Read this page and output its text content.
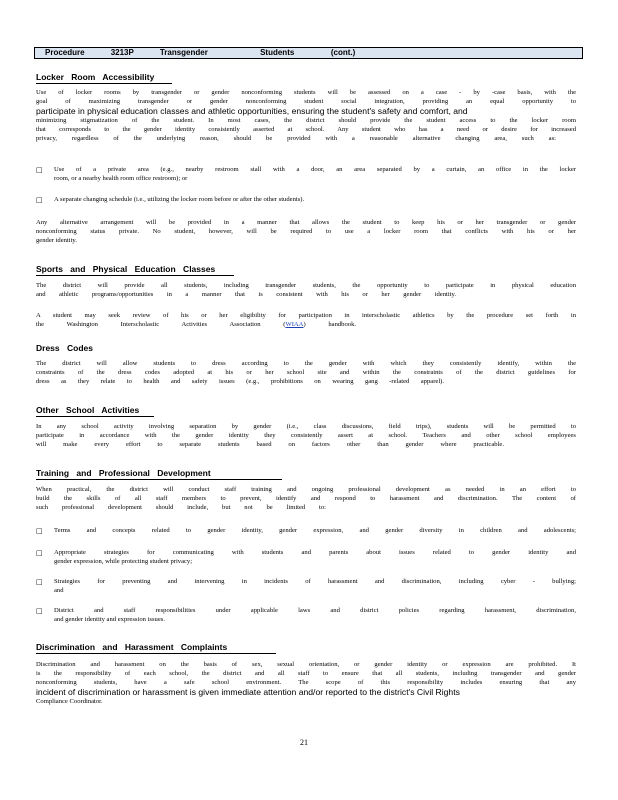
Procedure	3213P	Transgender	Students	(cont.)
Locker Room Accessibility
Use of locker rooms by transgender or gender nonconforming students will be assessed on a case - by -case basis, with the
goal of maximizing transgender or gender nonconforming student social integration, providing an equal opportunity to
participate in physical education classes and athletic opportunities, ensuring the student's safety and comfort, and
minimizing stigmatization of the student. In most cases, the district should provide the student access to the locker room
that corresponds to the gender identity consistently asserted at school. Any student who has a need or desire for increased
privacy, regardless of the underlying reason, should be provided with a reasonable alternative changing area, such as:
□ Use of a private area (e.g., nearby restroom stall with a door, an area separated by a curtain, an office in the locker
room, or a nearby health room office restroom); or
□ A separate changing schedule (i.e., utilizing the locker room before or after the other students).
Any alternative arrangement will be provided in a manner that allows the student to keep his or her transgender or gender
nonconforming status private. No student, however, will be required to use a locker room that conflicts with his or her
gender identity.
Sports and Physical Education Classes
The district will provide all students, including transgender students, the opportunity to participate in physical education
and athletic programs/opportunities in a manner that is consistent with his or her gender identity.
A student may seek review of his or her eligibility for participation in interscholastic athletics by the procedure set forth in
the Washington Interscholastic Activities Association (WIAA) handbook.
Dress Codes
The district will allow students to dress according to the gender with which they consistently identify, within the
constraints of the dress codes adopted at his or her school site and within the constraints of the district guidelines for
dress as they relate to health and safety issues (e.g., prohibitions on wearing gang -related apparel).
Other School Activities
In any school activity involving separation by gender (i.e., class discussions, field trips), students will be permitted to
participate in accordance with the gender identity they consistently assert at school. Teachers and other school employees
will make every effort to separate students based on factors other than gender where practicable.
Training and Professional Development
When practical, the district will conduct staff training and ongoing professional development as needed in an effort to
build the skills of all staff members to prevent, identify and respond to harassment and discrimination. The content of
such professional development should include, but not be limited to:
□ Terms and concepts related to gender identity, gender expression, and gender diversity in children and adolescents;
□ Appropriate strategies for communicating with students and parents about issues related to gender identity and
gender expression, while protecting student privacy;
□ Strategies for preventing and intervening in incidents of harassment and discrimination, including cyber - bullying;
and
□ District and staff responsibilities under applicable laws and district policies regarding harassment, discrimination,
and gender identity and expression issues.
Discrimination and Harassment Complaints
Discrimination and harassment on the basis of sex, sexual orientation, or gender identity or expression are prohibited. It
is the responsibility of each school, the district and all staff to ensure that all students, including transgender and gender
nonconforming students, have a safe school environment. The scope of this responsibility includes ensuring that any
incident of discrimination or harassment is given immediate attention and/or reported to the district's Civil Rights
Compliance Coordinator.
21
